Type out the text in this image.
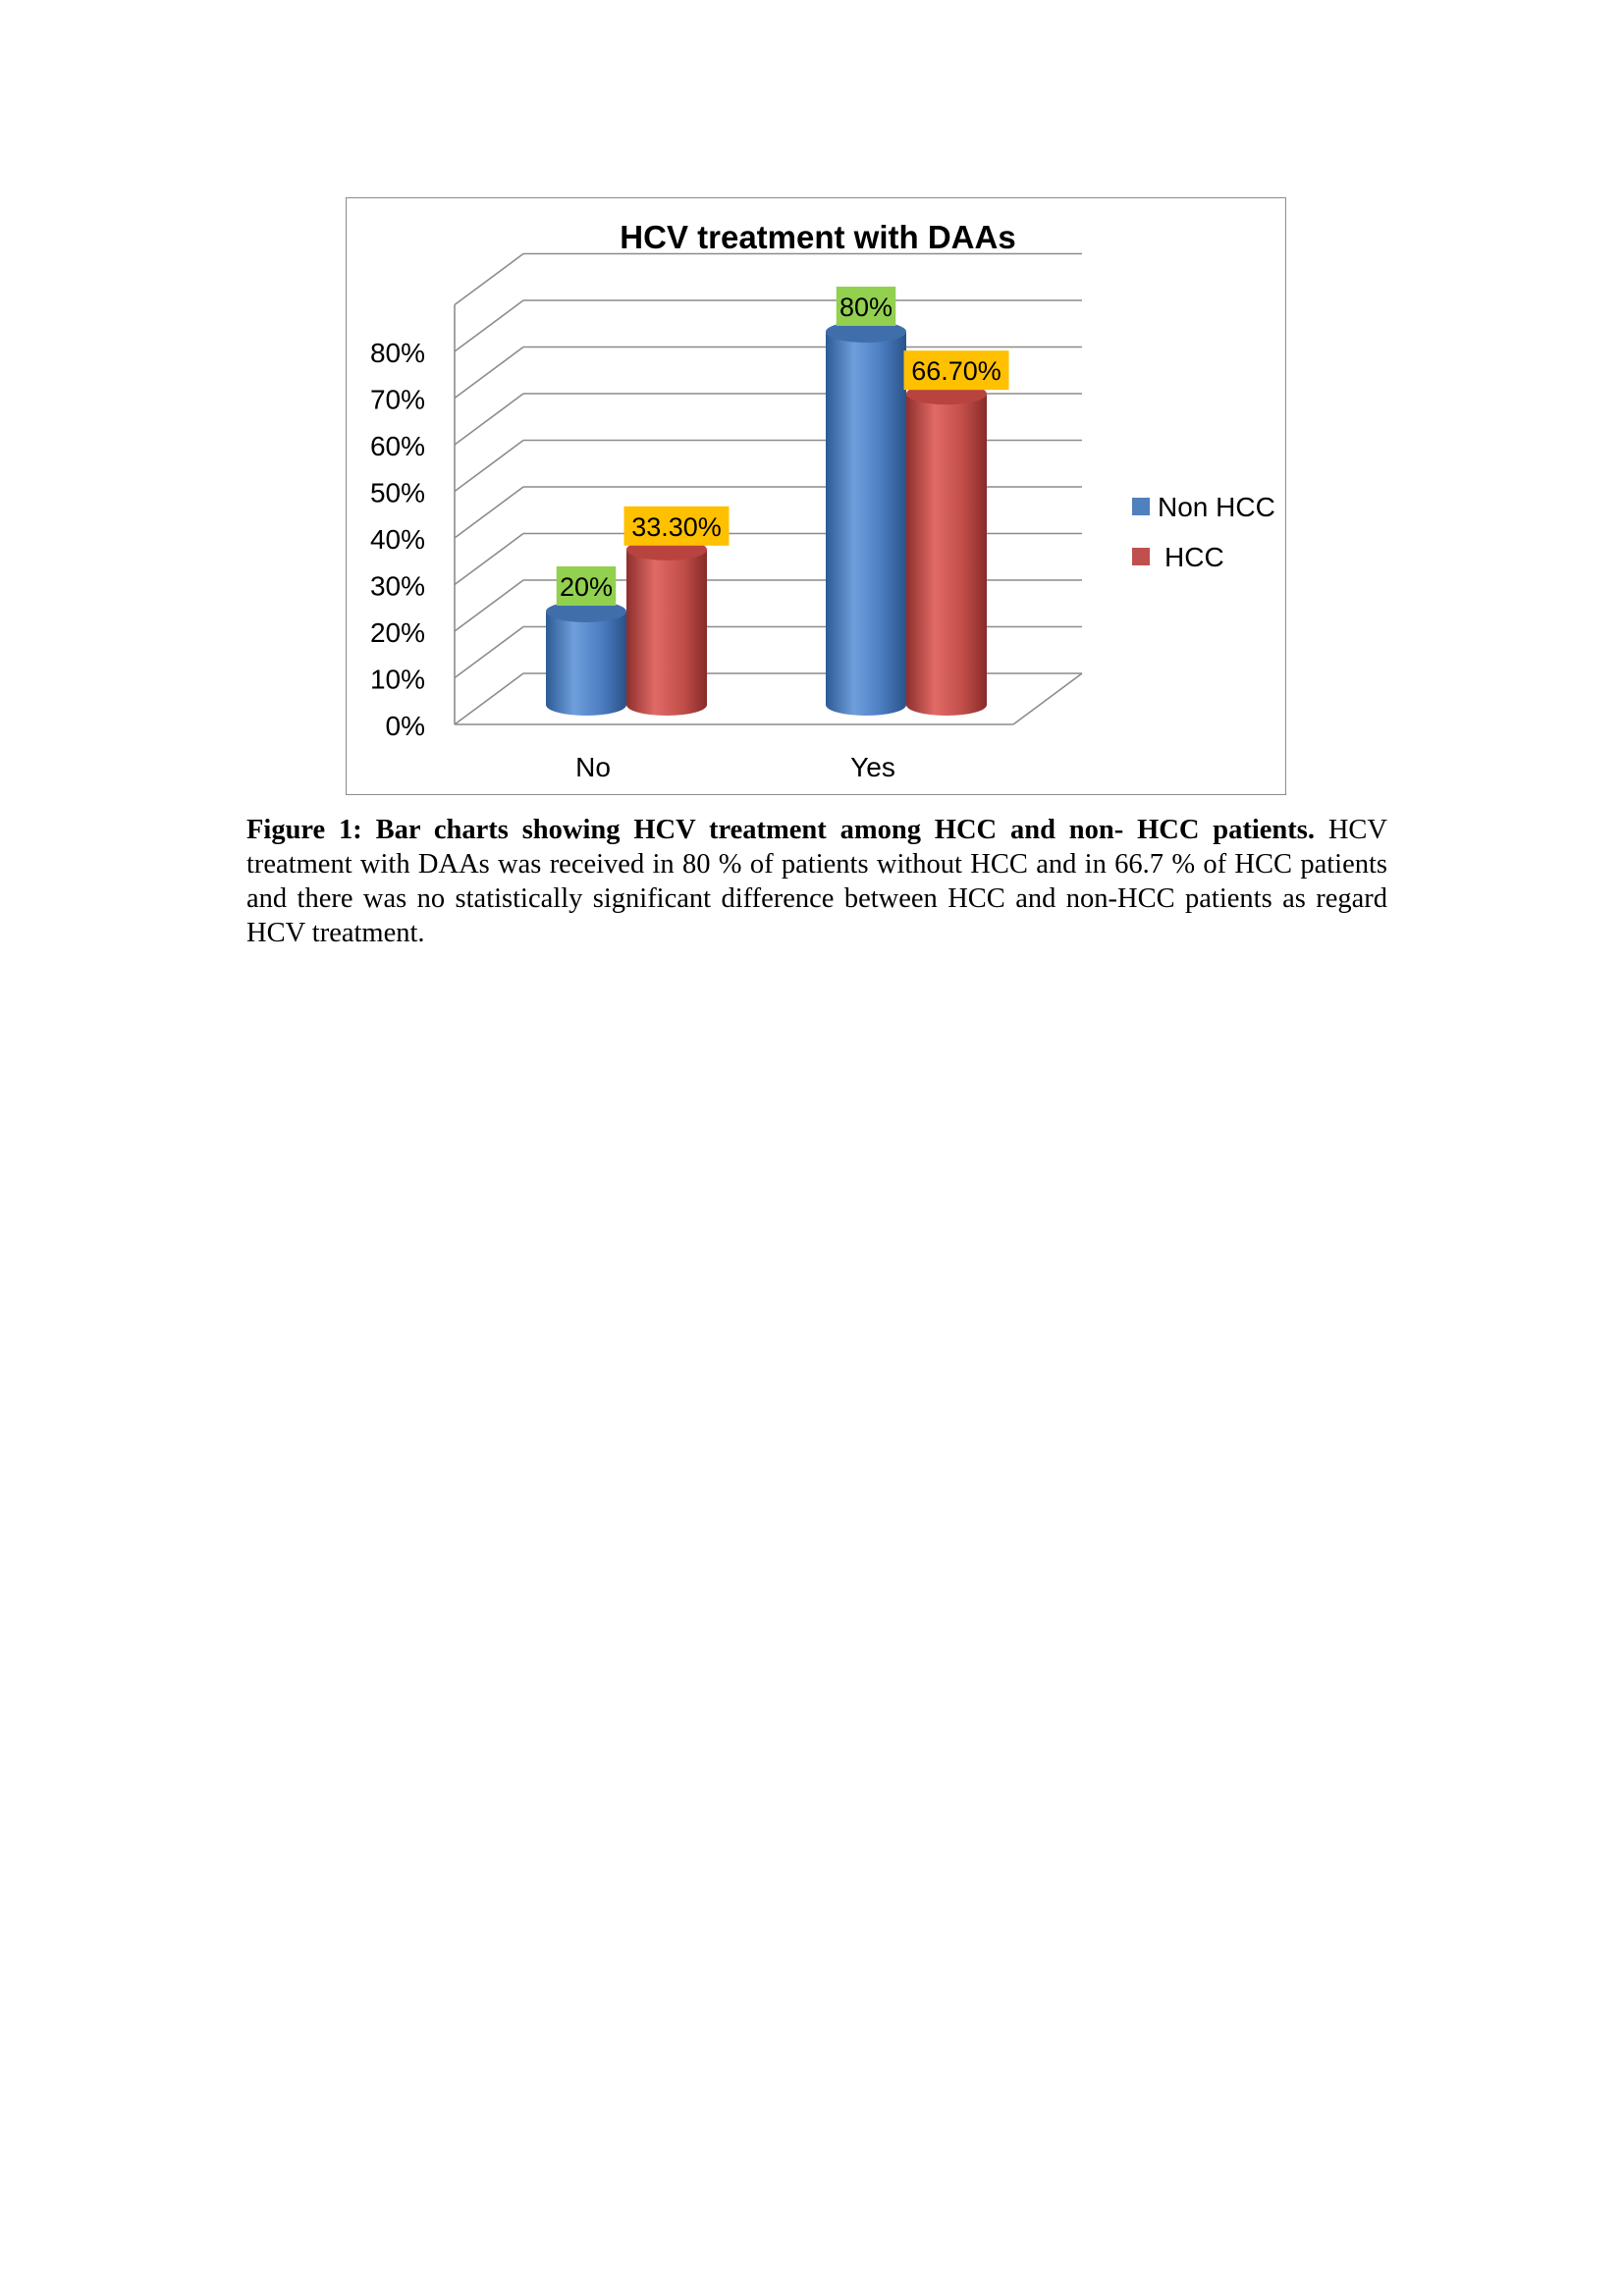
0%
10%
20%
30%
40%
50%
60%
70%
80%
No	Yes
20%
33.30%
80%
66.70%
HCV treatment with DAAs
Non HCC
HCC
Figure 1: Bar charts showing HCV treatment among HCC and non- HCC patients. HCV treatment with DAAs was received in 80 % of patients without HCC and in 66.7 % of HCC patients and there was no statistically significant difference between HCC and non-HCC patients as regard HCV treatment.
